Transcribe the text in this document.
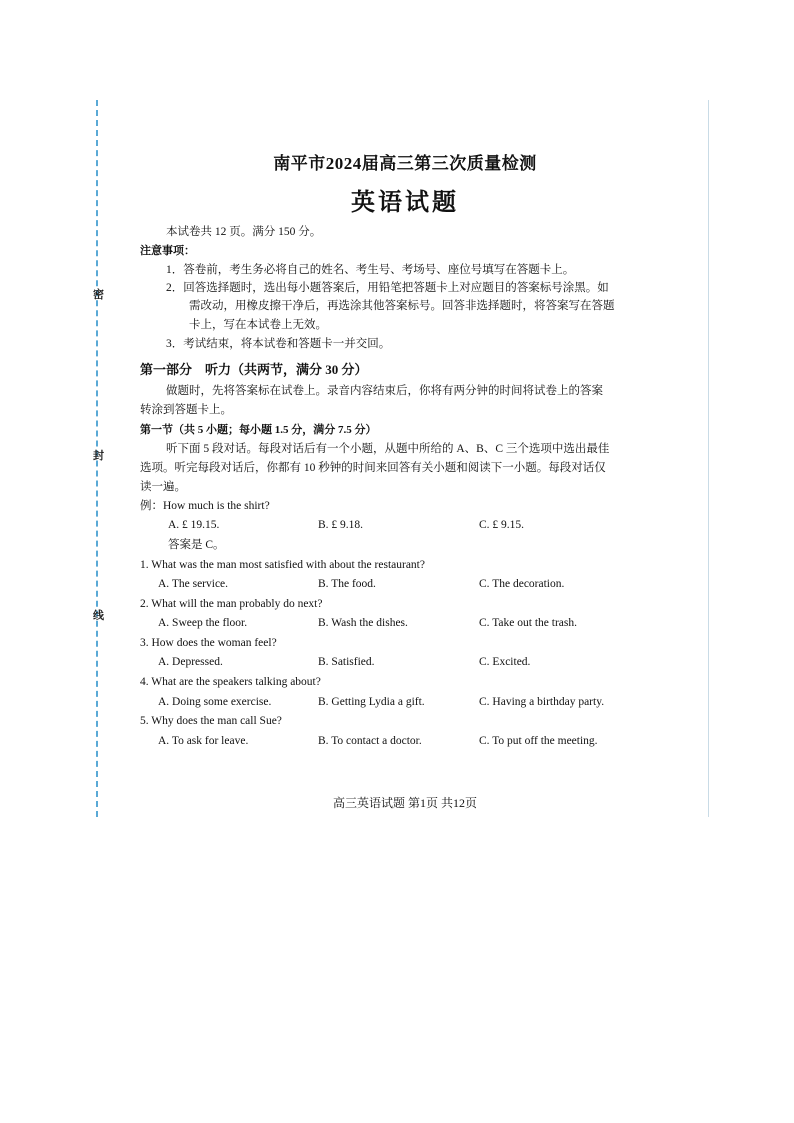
密
封
线
南平市2024届高三第三次质量检测
英语试题
本试卷共 12 页。满分 150 分。
注意事项：
1．答卷前，考生务必将自己的姓名、考生号、考场号、座位号填写在答题卡上。
2．回答选择题时，选出每小题答案后，用铅笔把答题卡上对应题目的答案标号涂黑。如
需改动，用橡皮擦干净后，再选涂其他答案标号。回答非选择题时，将答案写在答题
卡上，写在本试卷上无效。
3．考试结束，将本试卷和答题卡一并交回。
第一部分　听力（共两节，满分 30 分）
做题时，先将答案标在试卷上。录音内容结束后，你将有两分钟的时间将试卷上的答案
转涂到答题卡上。
第一节（共 5 小题；每小题 1.5 分，满分 7.5 分）
听下面 5 段对话。每段对话后有一个小题，从题中所给的 A、B、C 三个选项中选出最佳
选项。听完每段对话后，你都有 10 秒钟的时间来回答有关小题和阅读下一小题。每段对话仅
读一遍。
例：How much is the shirt?
A. £ 19.15.	B. £ 9.18.	C. £ 9.15.
答案是 C。
1. What was the man most satisfied with about the restaurant?
A. The service.	B. The food.	C. The decoration.
2. What will the man probably do next?
A. Sweep the floor.	B. Wash the dishes.	C. Take out the trash.
3. How does the woman feel?
A. Depressed.	B. Satisfied.	C. Excited.
4. What are the speakers talking about?
A. Doing some exercise.	B. Getting Lydia a gift.	C. Having a birthday party.
5. Why does the man call Sue?
A. To ask for leave.	B. To contact a doctor.	C. To put off the meeting.
高三英语试题 第1页 共12页
